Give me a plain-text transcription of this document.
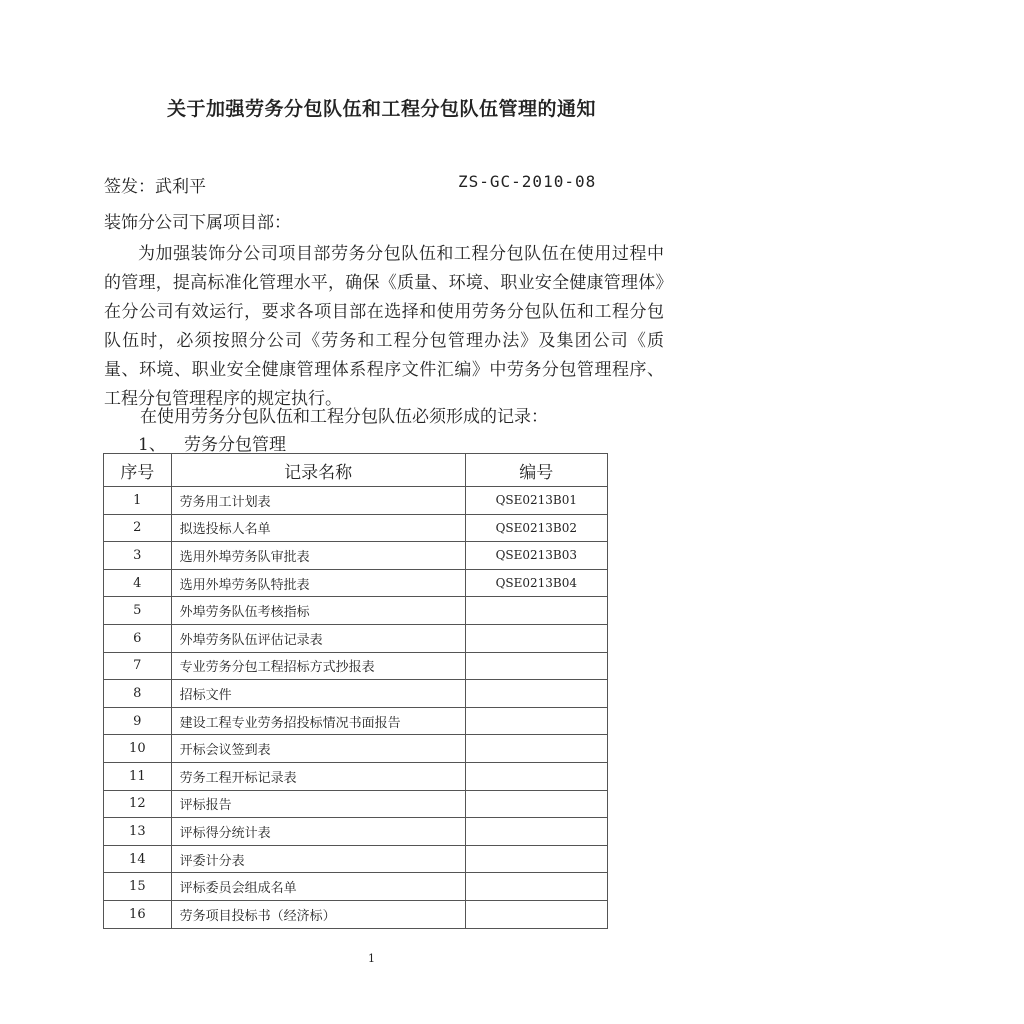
关于加强劳务分包队伍和工程分包队伍管理的通知
签发：武利平	ZS-GC-2010-08
装饰分公司下属项目部：

为加强装饰分公司项目部劳务分包队伍和工程分包队伍在使用过程中的管理，提高标准化管理水平，确保《质量、环境、职业安全健康管理体》在分公司有效运行，要求各项目部在选择和使用劳务分包队伍和工程分包队伍时，必须按照分公司《劳务和工程分包管理办法》及集团公司《质量、环境、职业安全健康管理体系程序文件汇编》中劳务分包管理程序、工程分包管理程序的规定执行。

在使用劳务分包队伍和工程分包队伍必须形成的记录：
1、 劳务分包管理
序号	记录名称	编号
1	劳务用工计划表	QSE0213B01
2	拟选投标人名单	QSE0213B02
3	选用外埠劳务队审批表	QSE0213B03
4	选用外埠劳务队特批表	QSE0213B04
5	外埠劳务队伍考核指标	
6	外埠劳务队伍评估记录表	
7	专业劳务分包工程招标方式抄报表	
8	招标文件	
9	建设工程专业劳务招投标情况书面报告	
10	开标会议签到表	
11	劳务工程开标记录表	
12	评标报告	
13	评标得分统计表	
14	评委计分表	
15	评标委员会组成名单	
16	劳务项目投标书（经济标）	
1
